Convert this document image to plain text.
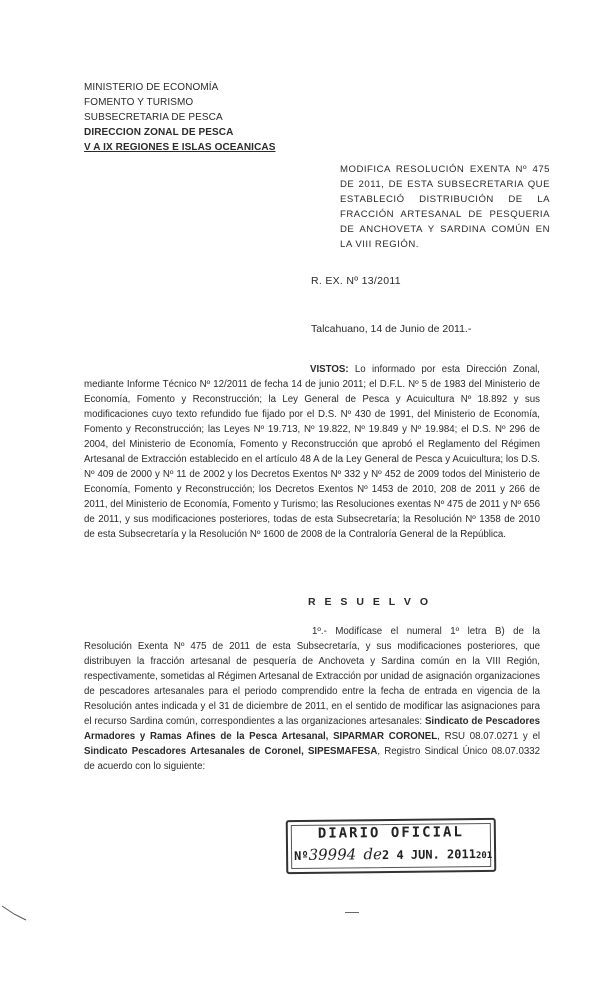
MINISTERIO DE ECONOMÍA
FOMENTO Y TURISMO
SUBSECRETARIA DE PESCA
DIRECCION ZONAL DE PESCA
V A IX REGIONES E ISLAS OCEANICAS
MODIFICA RESOLUCIÓN EXENTA Nº 475 DE 2011, DE ESTA SUBSECRETARIA QUE ESTABLECIÓ DISTRIBUCIÓN DE LA FRACCIÓN ARTESANAL DE PESQUERIA DE ANCHOVETA Y SARDINA COMÚN EN LA VIII REGIÓN.
R. EX. Nº 13/2011
Talcahuano, 14 de Junio de 2011.-
VISTOS: Lo informado por esta Dirección Zonal, mediante Informe Técnico Nº 12/2011 de fecha 14 de junio 2011; el D.F.L. Nº 5 de 1983 del Ministerio de Economía, Fomento y Reconstrucción; la Ley General de Pesca y Acuicultura Nº 18.892 y sus modificaciones cuyo texto refundido fue fijado por el D.S. Nº 430 de 1991, del Ministerio de Economía, Fomento y Reconstrucción; las Leyes Nº 19.713, Nº 19.822, Nº 19.849 y Nº 19.984; el D.S. Nº 296 de 2004, del Ministerio de Economía, Fomento y Reconstrucción que aprobó el Reglamento del Régimen Artesanal de Extracción establecido en el artículo 48 A de la Ley General de Pesca y Acuicultura; los D.S. Nº 409 de 2000 y Nº 11 de 2002 y los Decretos Exentos Nº 332 y Nº 452 de 2009 todos del Ministerio de Economía, Fomento y Reconstrucción; los Decretos Exentos Nº 1453 de 2010, 208 de 2011 y 266 de 2011, del Ministerio de Economía, Fomento y Turismo; las Resoluciones exentas Nº 475 de 2011 y Nº 656 de 2011, y sus modificaciones posteriores, todas de esta Subsecretaría; la Resolución Nº 1358 de 2010 de esta Subsecretaría y la Resolución Nº 1600 de 2008 de la Contraloría General de la República.
R E S U E L V O
1º.- Modifícase el numeral 1º letra B) de la Resolución Exenta Nº 475 de 2011 de esta Subsecretaría, y sus modificaciones posteriores, que distribuyen la fracción artesanal de pesquería de Anchoveta y Sardina común en la VIII Región, respectivamente, sometidas al Régimen Artesanal de Extracción por unidad de asignación organizaciones de pescadores artesanales para el periodo comprendido entre la fecha de entrada en vigencia de la Resolución antes indicada y el 31 de diciembre de 2011, en el sentido de modificar las asignaciones para el recurso Sardina común, correspondientes a las organizaciones artesanales: Sindicato de Pescadores Armadores y Ramas Afines de la Pesca Artesanal, SIPARMAR CORONEL, RSU 08.07.0271 y el Sindicato Pescadores Artesanales de Coronel, SIPESMAFESA, Registro Sindical Único 08.07.0332 de acuerdo con lo siguiente:
DIARIO OFICIAL
Nº39994 de2 4 JUN. 2011201
